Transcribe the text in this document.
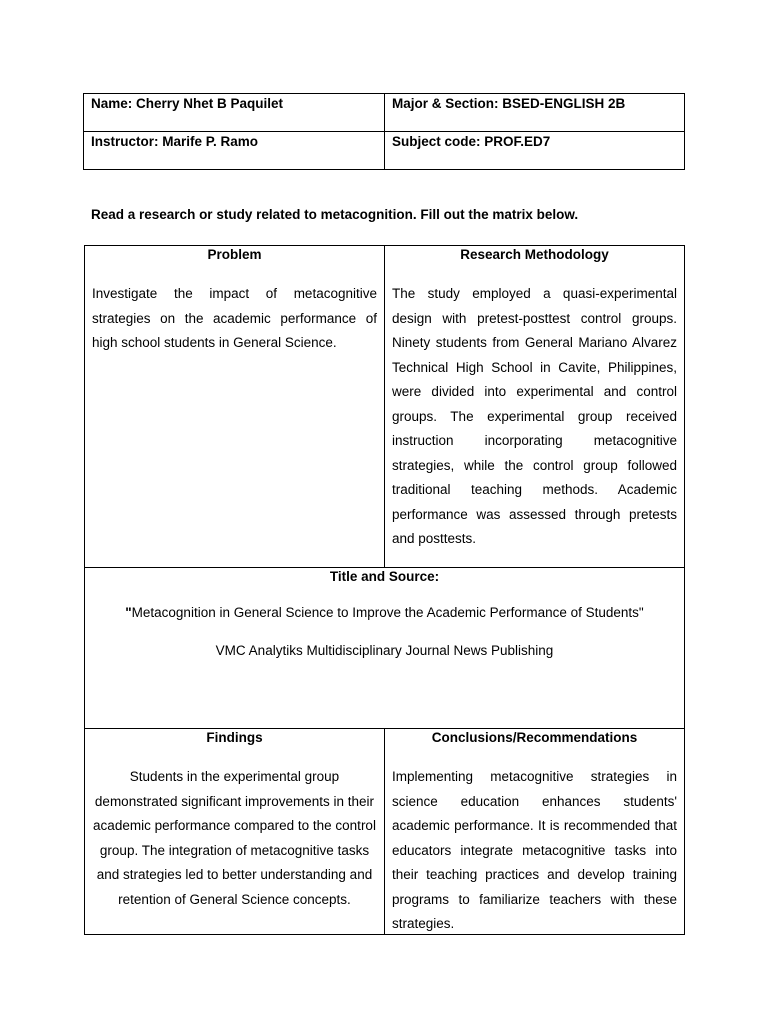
Name: Cherry Nhet B Paquilet	Major & Section: BSED-ENGLISH 2B
Instructor: Marife P. Ramo	Subject code: PROF.ED7
Read a research or study related to metacognition. Fill out the matrix below.
Problem
Investigate the impact of metacognitive strategies on the academic performance of high school students in General Science.
Research Methodology
The study employed a quasi-experimental design with pretest-posttest control groups. Ninety students from General Mariano Alvarez Technical High School in Cavite, Philippines, were divided into experimental and control groups. The experimental group received instruction incorporating metacognitive strategies, while the control group followed traditional teaching methods. Academic performance was assessed through pretests and posttests.
Title and Source:
"Metacognition in General Science to Improve the Academic Performance of Students"
VMC Analytiks Multidisciplinary Journal News Publishing
Findings
Students in the experimental group demonstrated significant improvements in their academic performance compared to the control group. The integration of metacognitive tasks and strategies led to better understanding and retention of General Science concepts.
Conclusions/Recommendations
Implementing metacognitive strategies in science education enhances students' academic performance. It is recommended that educators integrate metacognitive tasks into their teaching practices and develop training programs to familiarize teachers with these strategies.
